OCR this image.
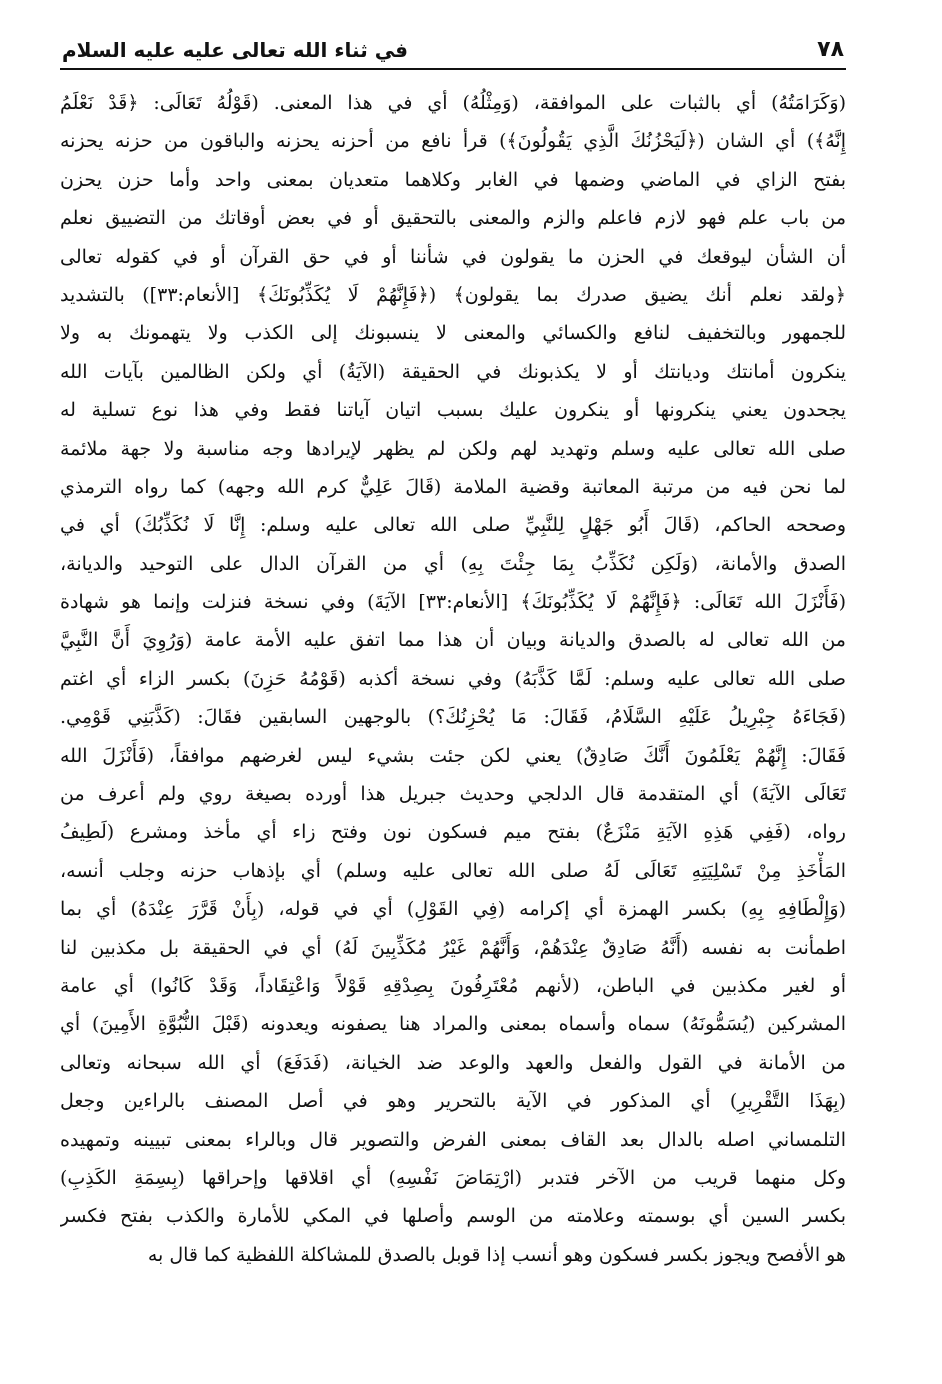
٧٨
في ثناء الله تعالى عليه عليه السلام
(وَكَرَامَتُهُ) أي بالثبات على الموافقة، (وَمِثْلُهُ) أي في هذا المعنى. (قَوْلُهُ تَعَالَى: ﴿قَدْ نَعْلَمُ
إِنَّهُ﴾) أي الشان (﴿لَيَحْزُنُكَ الَّذِي يَقُولُونَ﴾) قرأ نافع من أحزنه يحزنه والباقون من حزنه يحزنه
بفتح الزاي في الماضي وضمها في الغابر وكلاهما متعديان بمعنى واحد وأما حزن يحزن
من باب علم فهو لازم فاعلم والزم والمعنى بالتحقيق أو في بعض أوقاتك من التضييق نعلم
أن الشأن ليوقعك في الحزن ما يقولون في شأننا أو في حق القرآن أو في كقوله تعالى
﴿ولقد نعلم أنك يضيق صدرك بما يقولون﴾ (﴿فَإِنَّهُمْ لَا يُكَذِّبُونَكَ﴾ [الأنعام:٣٣]) بالتشديد
للجمهور وبالتخفيف لنافع والكسائي والمعنى لا ينسبونك إلى الكذب ولا يتهمونك به ولا
ينكرون أمانتك وديانتك أو لا يكذبونك في الحقيقة (الآيَةُ) أي ولكن الظالمين بآيات الله
يجحدون يعني ينكرونها أو ينكرون عليك بسبب اتيان آياتنا فقط وفي هذا نوع تسلية له
صلى الله تعالى عليه وسلم وتهديد لهم ولكن لم يظهر لإيرادها وجه مناسبة ولا جهة ملائمة
لما نحن فيه من مرتبة المعاتبة وقضية الملامة (قَالَ عَلِيٌّ كرم الله وجهه) كما رواه الترمذي
وصححه الحاكم، (قَالَ أَبُو جَهْلٍ لِلنَّبِيِّ صلى الله تعالى عليه وسلم: إِنَّا لَا نُكَذِّبُكَ) أي في
الصدق والأمانة، (وَلَكِن نُكَذِّبُ بِمَا جِئْتَ بِهِ) أي من القرآن الدال على التوحيد والديانة،
(فَأَنْزَلَ الله تَعَالَى: ﴿فَإِنَّهُمْ لَا يُكَذِّبُونَكَ﴾ [الأنعام:٣٣] الآيَةَ) وفي نسخة فنزلت وإنما هو شهادة
من الله تعالى له بالصدق والديانة وبيان أن هذا مما اتفق عليه الأمة عامة (وَرُوِيَ أَنَّ النَّبِيَّ
صلى الله تعالى عليه وسلم: لَمَّا كَذَّبَهُ) وفي نسخة أكذبه (قَوْمُهُ حَزِنَ) بكسر الزاء أي اغتم
(فَجَاءَهُ جِبْرِيلُ عَلَيْهِ السَّلَامُ، فَقَالَ: مَا يُحْزِنُكَ؟) بالوجهين السابقين فقَالَ: (كَذَّبَنِي قَوْمِي.
فَقَالَ: إِنَّهُمْ يَعْلَمُونَ أَنَّكَ صَادِقٌ) يعني لكن جئت بشيء ليس لغرضهم موافقاً، (فَأَنْزَلَ الله
تَعَالَى الآيَةَ) أي المتقدمة قال الدلجي وحديث جبريل هذا أورده بصيغة روي ولم أعرف من
رواه، (فَفِي هَذِهِ الآيَةِ مَنْزَعٌ) بفتح ميم فسكون نون وفتح زاء أي مأخذ ومشرع (لَطِيفُ
المَأْخَذِ مِنْ تَسْلِيَتِهِ تَعَالَى لَهُ صلى الله تعالى عليه وسلم) أي بإذهاب حزنه وجلب أنسه،
(وَإِلْطَافِهِ بِهِ) بكسر الهمزة أي إكرامه (فِي القَوْلِ) أي في قوله، (بِأَنْ قَرَّرَ عِنْدَهُ) أي بما
اطمأنت به نفسه (أَنَّهُ صَادِقٌ عِنْدَهُمْ، وَأَنَّهُمْ غَيْرُ مُكَذِّبِينَ لَهُ) أي في الحقيقة بل مكذبين لنا
أو لغير مكذبين في الباطن، (لأنهم مُعْتَرِفُونَ بِصِدْقِهِ قَوْلاً وَاعْتِقَاداً، وَقَدْ كَانُوا) أي عامة
المشركين (يُسَمُّونَهُ) سماه وأسماه بمعنى والمراد هنا يصفونه ويعدونه (قَبْلَ النُّبُوَّةِ الأَمِينَ) أي
من الأمانة في القول والفعل والعهد والوعد ضد الخيانة، (فَدَفَعَ) أي الله سبحانه وتعالى
(بِهَذَا التَّقْرِيرِ) أي المذكور في الآية بالتحرير وهو في أصل المصنف بالراءين وجعل
التلمساني اصله بالدال بعد القاف بمعنى الفرض والتصوير قال وبالراء بمعنى تبيينه وتمهيده
وكل منهما قريب من الآخر فتدبر (ارْتِمَاضَ نَفْسِهِ) أي اقلاقها وإحراقها (بِسِمَةِ الكَذِبِ)
بكسر السين أي بوسمته وعلامته من الوسم وأصلها في المكي للأمارة والكذب بفتح فكسر
هو الأفصح ويجوز بكسر فسكون وهو أنسب إذا قوبل بالصدق للمشاكلة اللفظية كما قال به
